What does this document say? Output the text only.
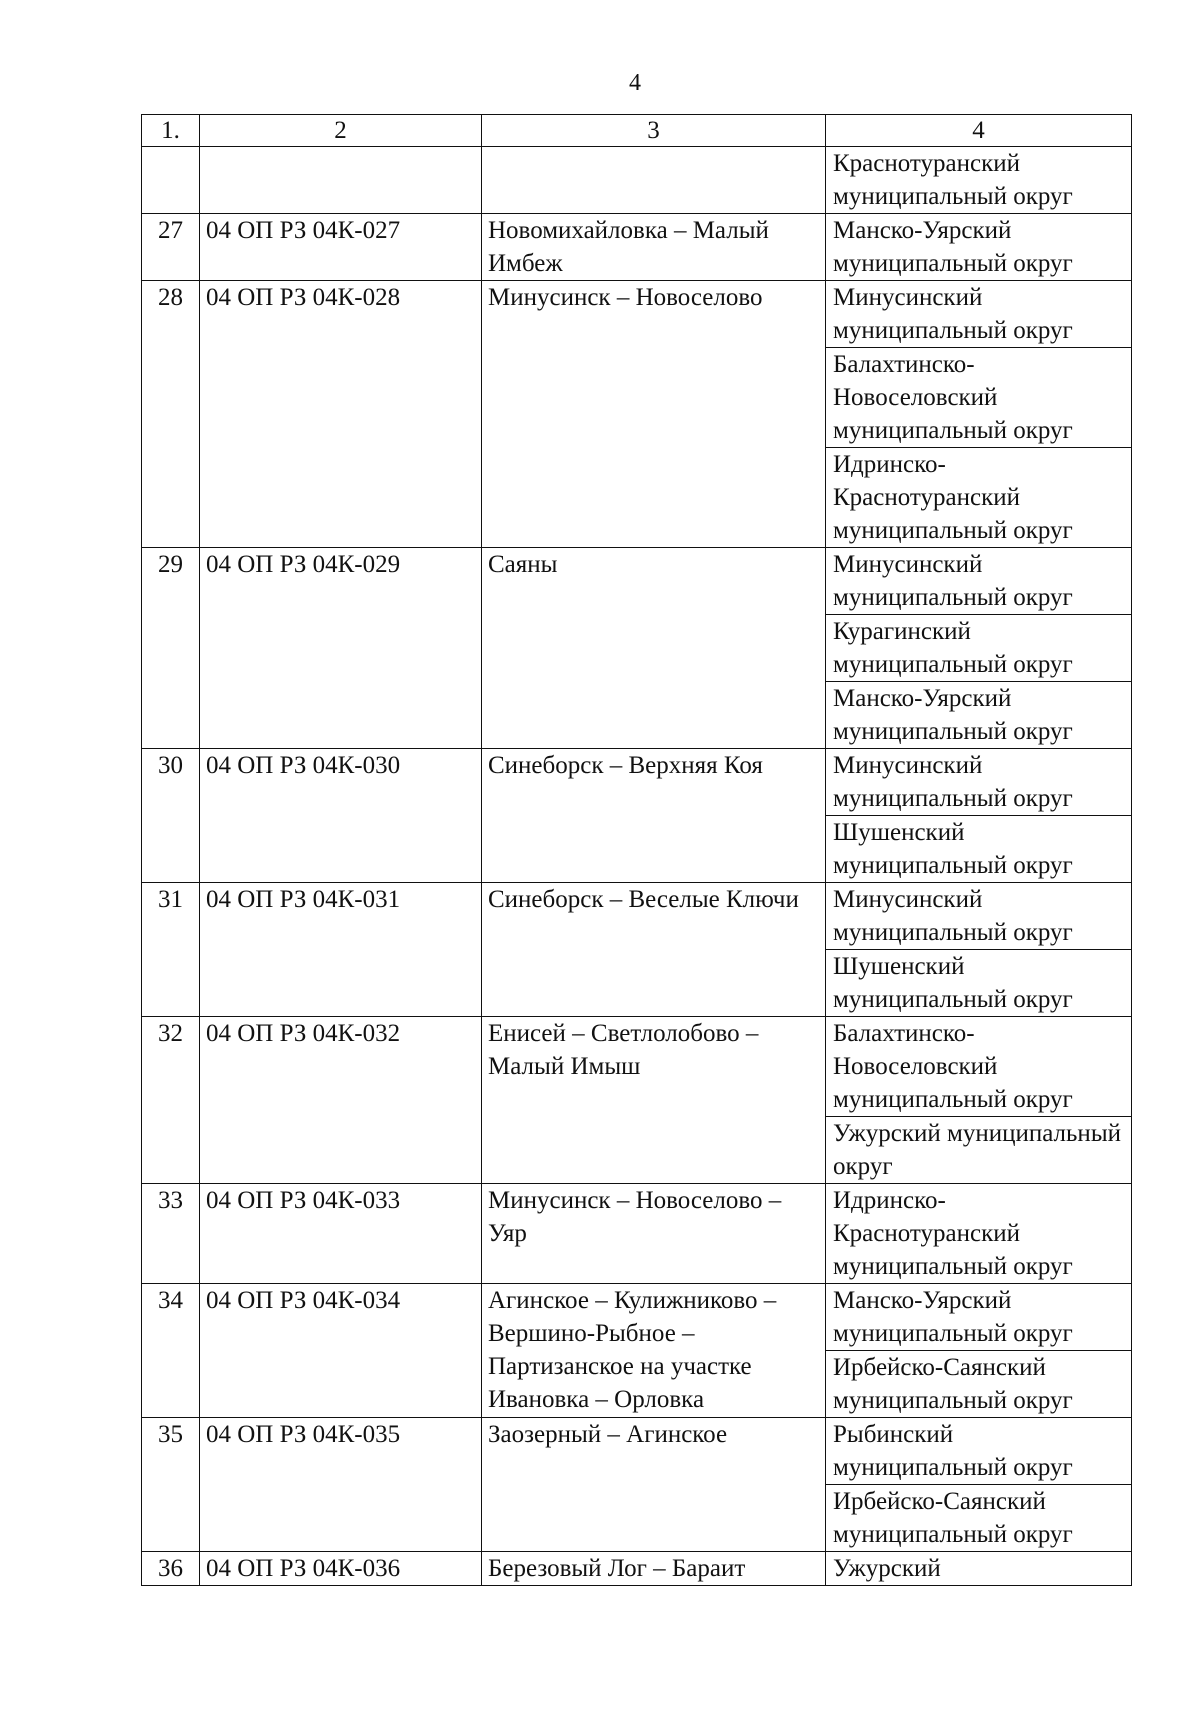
4
1.	2	3	4

			Краснотуранский муниципальный округ

27	04 ОП РЗ 04К-027	Новомихайловка – Малый Имбеж	Манско-Уярский муниципальный округ

28	04 ОП РЗ 04К-028	Минусинск – Новоселово	Минусинский муниципальный округ
Балахтинско-Новоселовский муниципальный округ
Идринско-Краснотуранский муниципальный округ

29	04 ОП РЗ 04К-029	Саяны	Минусинский муниципальный округ
Курагинский муниципальный округ
Манско-Уярский муниципальный округ

30	04 ОП РЗ 04К-030	Синеборск – Верхняя Коя	Минусинский муниципальный округ
Шушенский муниципальный округ

31	04 ОП РЗ 04К-031	Синеборск – Веселые Ключи	Минусинский муниципальный округ
Шушенский муниципальный округ

32	04 ОП РЗ 04К-032	Енисей – Светлолобово – Малый Имыш	Балахтинско-Новоселовский муниципальный округ
Ужурский муниципальный округ

33	04 ОП РЗ 04К-033	Минусинск – Новоселово – Уяр	Идринско-Краснотуранский муниципальный округ

34	04 ОП РЗ 04К-034	Агинское – Кулижниково – Вершино-Рыбное – Партизанское на участке Ивановка – Орловка	Манско-Уярский муниципальный округ
Ирбейско-Саянский муниципальный округ

35	04 ОП РЗ 04К-035	Заозерный – Агинское	Рыбинский муниципальный округ
Ирбейско-Саянский муниципальный округ

36	04 ОП РЗ 04К-036	Березовый Лог – Бараит	Ужурский
